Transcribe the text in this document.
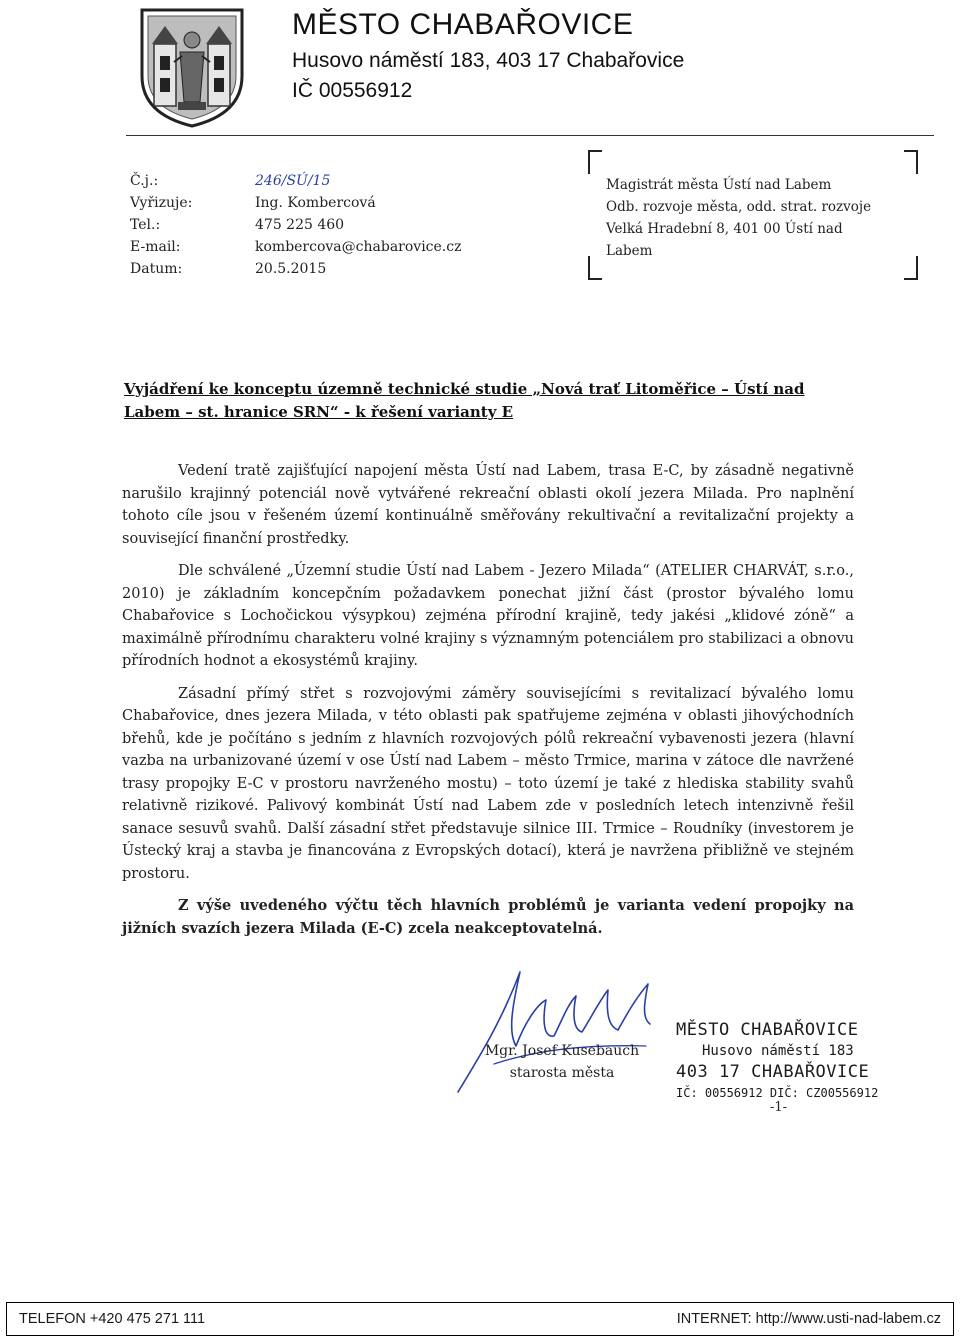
MĚSTO CHABAŘOVICE
Husovo náměstí 183, 403 17 Chabařovice
IČ 00556912
Č.j.:	246/SÚ/15
Vyřizuje:	Ing. Kombercová
Tel.:	475 225 460
E-mail:	kombercova@chabarovice.cz
Datum:	20.5.2015
Magistrát města Ústí nad Labem
Odb. rozvoje města, odd. strat. rozvoje
Velká Hradební 8, 401 00 Ústí nad
Labem
Vyjádření ke konceptu územně technické studie „Nová trať Litoměřice – Ústí nad Labem – st. hranice SRN“ - k řešení varianty E

Vedení tratě zajišťující napojení města Ústí nad Labem, trasa E-C, by zásadně negativně narušilo krajinný potenciál nově vytvářené rekreační oblasti okolí jezera Milada. Pro naplnění tohoto cíle jsou v řešeném území kontinuálně směřovány rekultivační a revitalizační projekty a související finanční prostředky.

Dle schválené „Územní studie Ústí nad Labem - Jezero Milada“ (ATELIER CHARVÁT, s.r.o., 2010) je základním koncepčním požadavkem ponechat jižní část (prostor bývalého lomu Chabařovice s Lochočickou výsypkou) zejména přírodní krajině, tedy jakési „klidové zóně“ a maximálně přírodnímu charakteru volné krajiny s významným potenciálem pro stabilizaci a obnovu přírodních hodnot a ekosystémů krajiny.

Zásadní přímý střet s rozvojovými záměry souvisejícími s revitalizací bývalého lomu Chabařovice, dnes jezera Milada, v této oblasti pak spatřujeme zejména v oblasti jihovýchodních břehů, kde je počítáno s jedním z hlavních rozvojových pólů rekreační vybavenosti jezera (hlavní vazba na urbanizované území v ose Ústí nad Labem – město Trmice, marina v zátoce dle navržené trasy propojky E-C v prostoru navrženého mostu) – toto území je také z hlediska stability svahů relativně rizikové. Palivový kombinát Ústí nad Labem zde v posledních letech intenzivně řešil sanace sesuvů svahů. Další zásadní střet představuje silnice III. Trmice – Roudníky (investorem je Ústecký kraj a stavba je financována z Evropských dotací), která je navržena přibližně ve stejném prostoru.

Z výše uvedeného výčtu těch hlavních problémů je varianta vedení propojky na jižních svazích jezera Milada (E-C) zcela neakceptovatelná.

Mgr. Josef Kusebauch
starosta města
MĚSTO CHABAŘOVICE
Husovo náměstí 183
403 17 CHABAŘOVICE
IČ: 00556912 DIČ: CZ00556912
-1-
TELEFON +420 475 271 111	INTERNET: http://www.usti-nad-labem.cz
